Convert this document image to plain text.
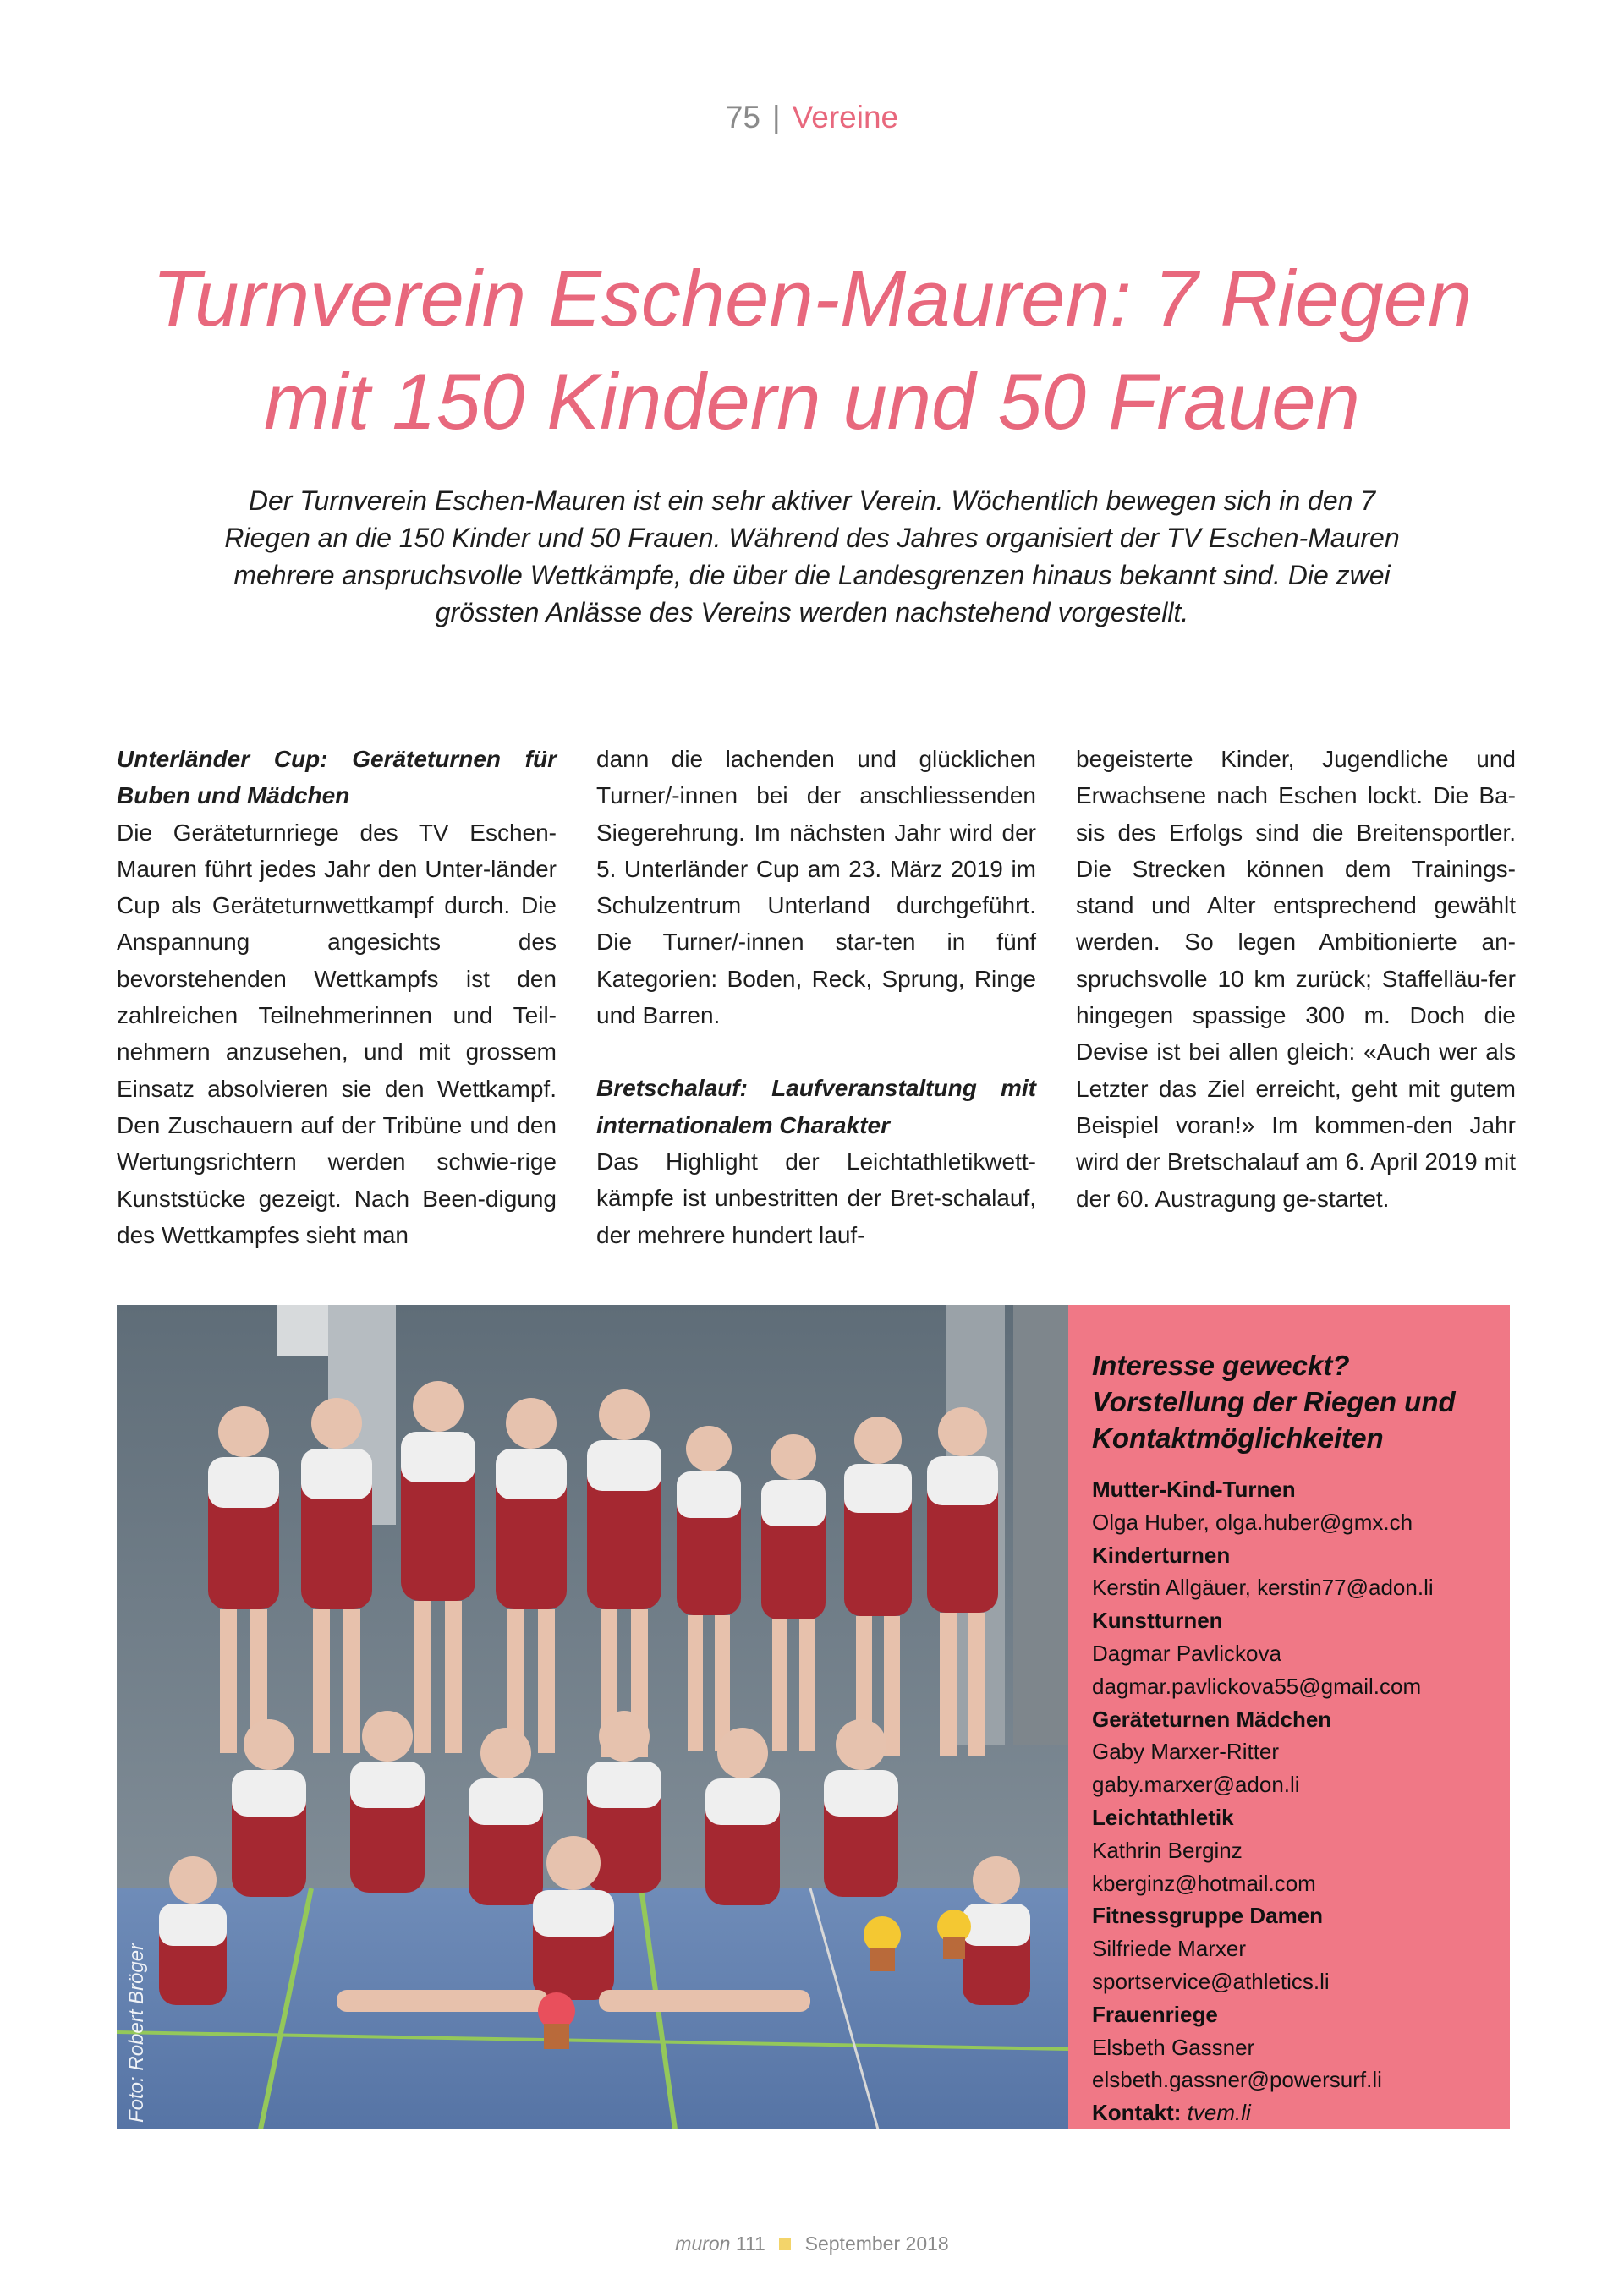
75 | Vereine
Turnverein Eschen-Mauren: 7 Riegen
mit 150 Kindern und 50 Frauen

Der Turnverein Eschen-Mauren ist ein sehr aktiver Verein. Wöchentlich bewegen sich in den 7 Riegen an die 150 Kinder und 50 Frauen. Während des Jahres organisiert der TV Eschen-Mauren mehrere anspruchsvolle Wettkämpfe, die über die Landesgrenzen hinaus bekannt sind. Die zwei grössten Anlässe des Vereins werden nachstehend vorgestellt.

Unterländer Cup: Geräteturnen für Buben und Mädchen

Die Geräteturnriege des TV Eschen-Mauren führt jedes Jahr den Unter-länder Cup als Geräteturnwettkampf durch. Die Anspannung angesichts des bevorstehenden Wettkampfs ist den zahlreichen Teilnehmerinnen und Teil-nehmern anzusehen, und mit grossem Einsatz absolvieren sie den Wettkampf. Den Zuschauern auf der Tribüne und den Wertungsrichtern werden schwie-rige Kunststücke gezeigt. Nach Been-digung des Wettkampfes sieht man

dann die lachenden und glücklichen Turner/-innen bei der anschliessenden Siegerehrung. Im nächsten Jahr wird der 5. Unterländer Cup am 23. März 2019 im Schulzentrum Unterland durchgeführt. Die Turner/-innen star-ten in fünf Kategorien: Boden, Reck, Sprung, Ringe und Barren.

Bretschalauf: Laufveranstaltung mit internationalem Charakter

Das Highlight der Leichtathletikwett-kämpfe ist unbestritten der Bret-schalauf, der mehrere hundert lauf-

begeisterte Kinder, Jugendliche und Erwachsene nach Eschen lockt. Die Ba-sis des Erfolgs sind die Breitensportler. Die Strecken können dem Trainings-stand und Alter entsprechend gewählt werden. So legen Ambitionierte an-spruchsvolle 10 km zurück; Staffelläu-fer hingegen spassige 300 m. Doch die Devise ist bei allen gleich: «Auch wer als Letzter das Ziel erreicht, geht mit gutem Beispiel voran!» Im kommen-den Jahr wird der Bretschalauf am 6. April 2019 mit der 60. Austragung ge-startet.

Foto: Robert Bröger
Interesse geweckt? Vorstellung der Riegen und Kontaktmöglichkeiten
Mutter-Kind-Turnen
Olga Huber, olga.huber@gmx.ch
Kinderturnen
Kerstin Allgäuer, kerstin77@adon.li
Kunstturnen
Dagmar Pavlickova
dagmar.pavlickova55@gmail.com
Geräteturnen Mädchen
Gaby Marxer-Ritter
gaby.marxer@adon.li
Leichtathletik
Kathrin Berginz
kberginz@hotmail.com
Fitnessgruppe Damen
Silfriede Marxer
sportservice@athletics.li
Frauenriege
Elsbeth Gassner
elsbeth.gassner@powersurf.li
Kontakt: tvem.li
muron 111 September 2018
